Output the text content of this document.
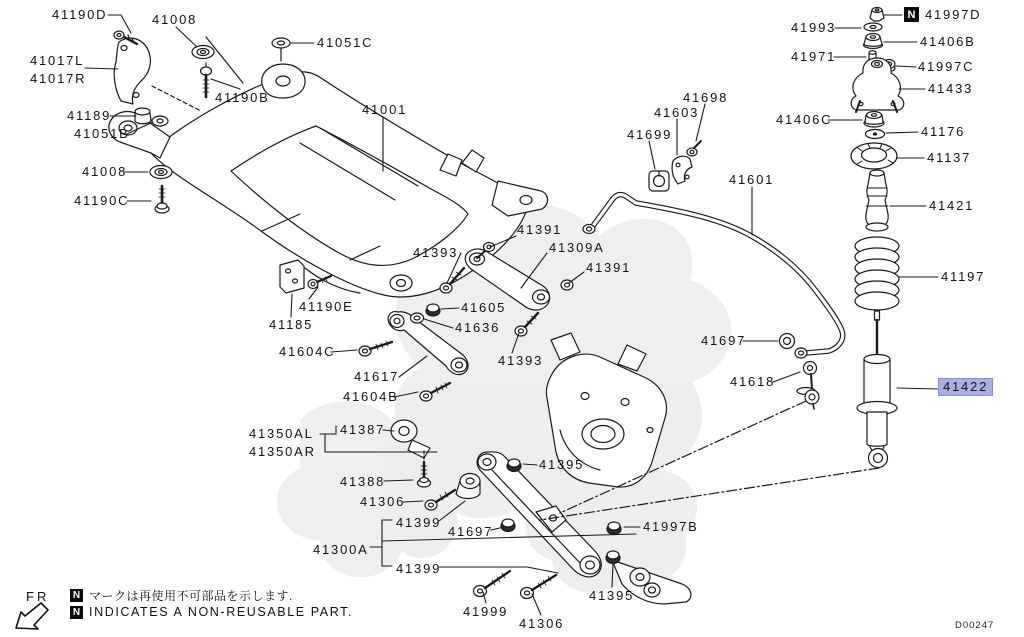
41190D	41008
41051C
41017L
41017R
41189
41051B
41008
41190C
41190B
41001
41391
41393	41309A
41391
41605
41636
41190E
41185
41604C
41617
41604B
41393
41350AL
41350AR
41387
41388
41306
41399
41697
41300A
41399
41999
41306
41395
41395
41997B
41697
41618
41601
41699
41603
41698
41993
41971
N 41997D
41406B
41997C
41433
41406C
41176
41137
41421
41197
41422
FR N マークは再使用不可部品を示します.
N INDICATES A NON-REUSABLE PART.
D00247
